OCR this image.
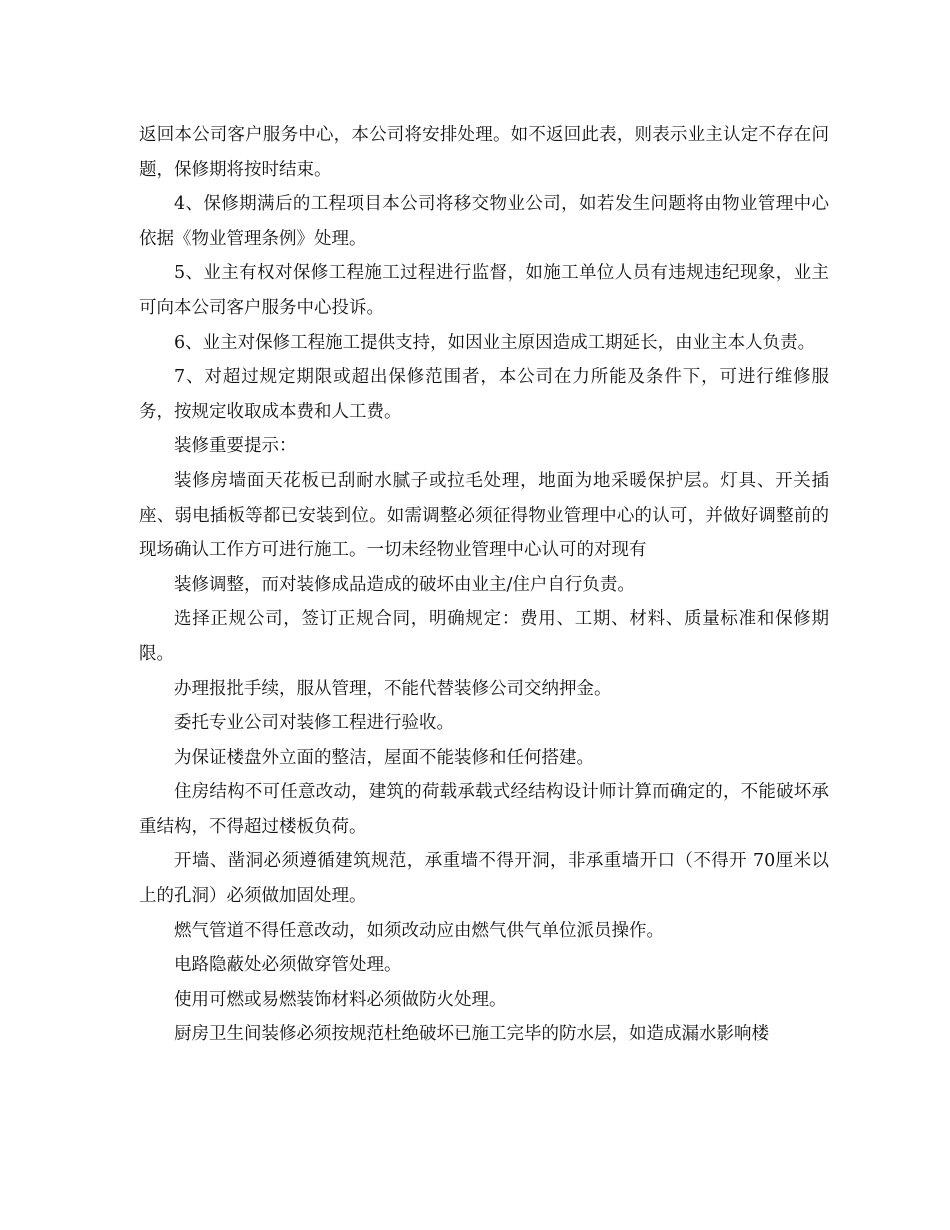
返回本公司客户服务中心，本公司将安排处理。如不返回此表，则表示业主认定不存在问题，保修期将按时结束。

4、保修期满后的工程项目本公司将移交物业公司，如若发生问题将由物业管理中心依据《物业管理条例》处理。

5、业主有权对保修工程施工过程进行监督，如施工单位人员有违规违纪现象，业主可向本公司客户服务中心投诉。

6、业主对保修工程施工提供支持，如因业主原因造成工期延长，由业主本人负责。

7、对超过规定期限或超出保修范围者，本公司在力所能及条件下，可进行维修服务，按规定收取成本费和人工费。

装修重要提示：

装修房墙面天花板已刮耐水腻子或拉毛处理，地面为地采暖保护层。灯具、开关插座、弱电插板等都已安装到位。如需调整必须征得物业管理中心的认可，并做好调整前的现场确认工作方可进行施工。一切未经物业管理中心认可的对现有

装修调整，而对装修成品造成的破坏由业主/住户自行负责。

选择正规公司，签订正规合同，明确规定：费用、工期、材料、质量标准和保修期限。

办理报批手续，服从管理，不能代替装修公司交纳押金。

委托专业公司对装修工程进行验收。

为保证楼盘外立面的整洁，屋面不能装修和任何搭建。

住房结构不可任意改动，建筑的荷载承载式经结构设计师计算而确定的，不能破坏承重结构，不得超过楼板负荷。

开墙、凿洞必须遵循建筑规范，承重墙不得开洞，非承重墙开口（不得开 70厘米以上的孔洞）必须做加固处理。

燃气管道不得任意改动，如须改动应由燃气供气单位派员操作。

电路隐蔽处必须做穿管处理。

使用可燃或易燃装饰材料必须做防火处理。

厨房卫生间装修必须按规范杜绝破坏已施工完毕的防水层，如造成漏水影响楼
